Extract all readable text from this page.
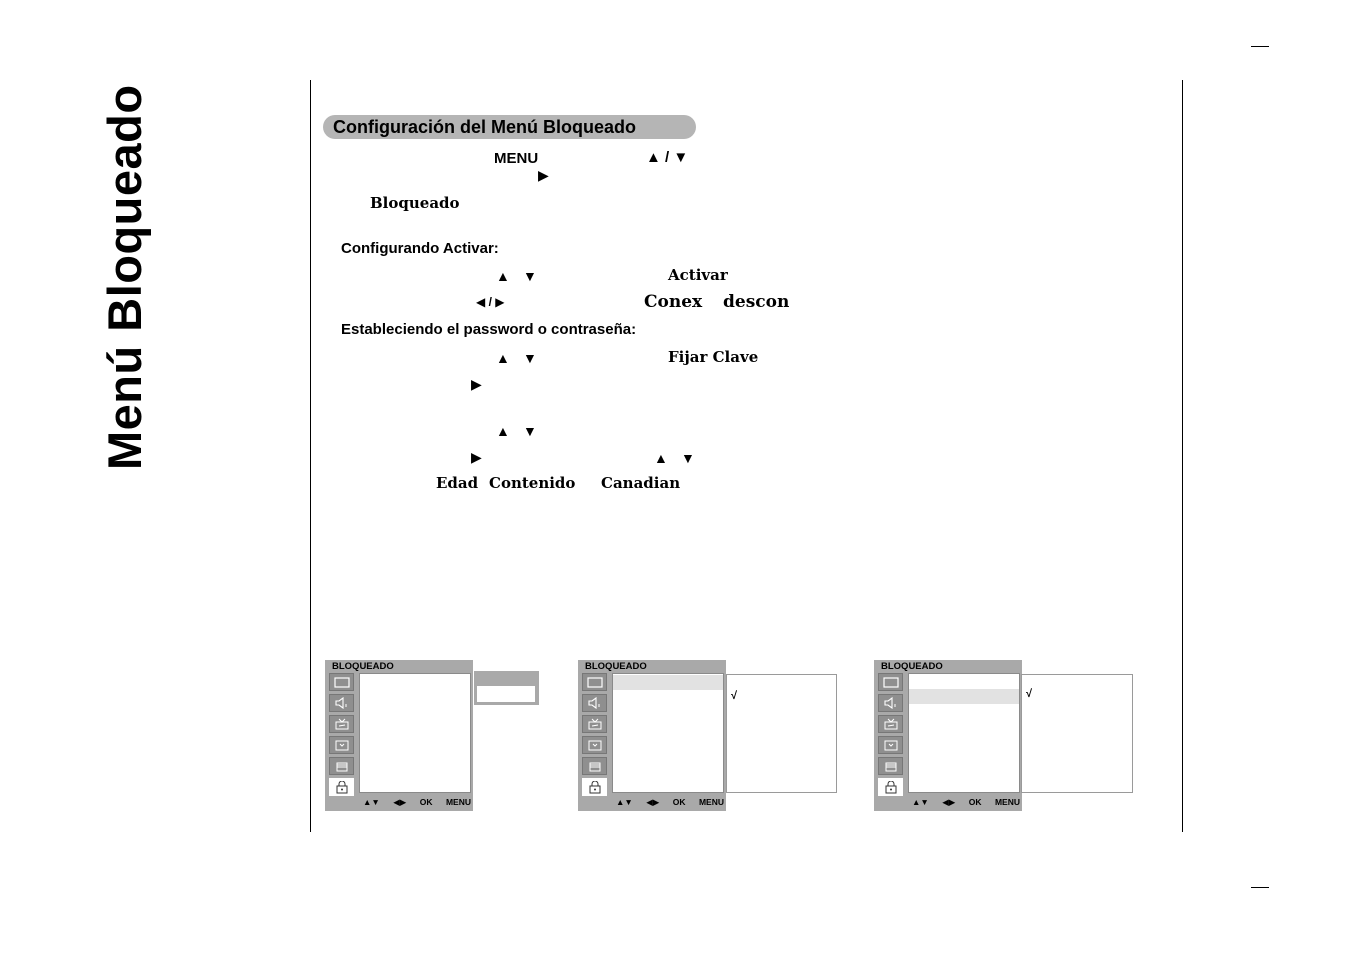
Menú Bloqueado	Configuración del Menú Bloqueado
MENU	▲ / ▼
▶
Bloqueado
Configurando Activar:
▲ ▼	Activar
◀ / ▶	Conex descon
Estableciendo el password o contraseña:
▲ ▼	Fijar Clave
▶
▲ ▼
▶	▲ ▼
Edad Contenido Canadian
BLOQUEADO
▲▼ ◀▶ OK MENU
BLOQUEADO
▲▼ ◀▶ OK MENU
√
BLOQUEADO
▲▼ ◀▶ OK MENU
√
